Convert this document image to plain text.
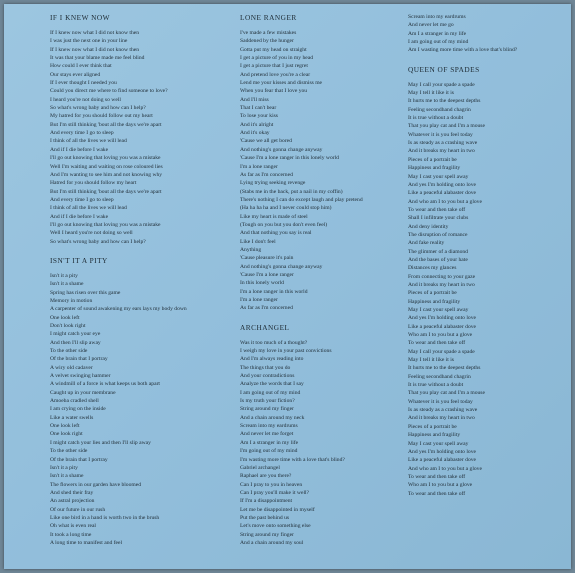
IF I KNEW NOW
If I knew now what I did not know then
I was just the next one in your line
If I knew now what I did not know then
It was that your blame made me feel blind
How could I ever think that
Our stays ever aligned
If I ever thought I needed you
Could you direct me where to find someone to love?
I heard you're not doing so well
So what's wrong baby and how can I help?
My hatred for you should follow out my heart
But I'm still thinking 'bout all the days we're apart
And every time I go to sleep
I think of all the lives we will lead
And if I die before I wake
I'll go out knowing that loving you was a mistake
Well I'm waiting and waiting on rose coloured lies
And I'm wanting to see him and not knowing why
Hatred for you should follow my heart
But I'm still thinking 'bout all the days we're apart
And every time I go to sleep
I think of all the lives we will lead
And if I die before I wake
I'll go out knowing that loving you was a mistake
Well I heard you're not doing so well
So what's wrong baby and how can I help?
ISN'T IT A PITY
Isn't it a pity
Isn't it a shame
Spring has risen over this game
Memory in motion
A carpenter of sound awakening my ears lays my body down
One look left
Don't look right
I might catch your eye
And then I'll slip away
To the other side
Of the brain that I portray
A wiry old cadaver
A velvet swinging hammer
A windmill of a force is what keeps us both apart
Caught up in your membrane
Amoeba cradled shell
I am crying on the inside
Like a water swells
One look left
One look right
I might catch your lies and then I'll slip away
To the other side
Of the brain that I portray
Isn't it a pity
Isn't it a shame
The flowers in our garden have bloomed
And shed their fray
An astral projection
Of our future in our rush
Like one bird in a hand is worth two in the brush
Oh what is even real
It took a long time
A long time to manifest and feel
LONE RANGER
I've made a few mistakes
Saddened by the hunger
Gotta put my head on straight
I get a picture of you in my head
I get a picture that I just regret
And pretend love you're a clear
Lend me your kisses and dismiss me
When you fear that I love you
And I'll miss
That I can't bear
To lose your kiss
And it's alright
And it's okay
'Cause we all get bored
And nothing's gonna change anyway
'Cause I'm a lone ranger in this lonely world
I'm a lone ranger
As far as I'm concerned
Lying trying seeking revenge
(Stabs me in the back, put a nail in my coffin)
There's nothing I can do except laugh and play pretend
(Ha ha ha ha and I never could stop him)
Like my heart is made of steel
(Tough on you but you don't even feel)
And that nothing you say is real
Like I don't feel
Anything
'Cause pleasure it's pain
And nothing's gonna change anyway
'Cause I'm a lone ranger
In this lonely world
I'm a lone ranger in this world
I'm a lone ranger
As far as I'm concerned
ARCHANGEL
Was it too much of a thought?
I weigh my love in your past convictions
And I'm always reading into
The things that you do
And your contradictions
Analyze the words that I say
I am going out of my mind
Is my truth your fiction?
String around my finger
And a chain around my neck
Scream into my eardrums
And never let me forget
Am I a stranger in my life
I'm going out of my mind
I'm wasting more time with a love that's blind?
Gabriel archangel
Raphael are you there?
Can I pray to you in heaven
Can I pray you'll make it well?
If I'm a disappointment
Let me be disappointed in myself
Put the past behind us
Let's move onto something else
String around my finger
And a chain around my soul
Scream into my eardrums
And never let me go
Am I a stranger in my life
I am going out of my mind
Am I wasting more time with a love that's blind?
QUEEN OF SPADES
May I call your spade a spade
May I tell it like it is
It hurts me to the deepest depths
Feeling secondhand chagrin
It is true without a doubt
That you play cat and I'm a mouse
Whatever it is you feel today
Is as steady as a crashing wave
And it breaks my heart in two
Pieces of a portrait be
Happiness and fragility
May I cast your spell away
And yes I'm holding onto love
Like a peaceful alabaster dove
And who am I to you but a glove
To wear and then take off
Shall I infiltrate your clubs
And deny identity
The disruption of romance
And fake reality
The glimmer of a diamond
And the bases of your hate
Distances my glances
From connecting to your gaze
And it breaks my heart in two
Pieces of a portrait be
Happiness and fragility
May I cast your spell away
And yes I'm holding onto love
Like a peaceful alabaster dove
Who am I to you but a glove
To wear and then take off
May I call your spade a spade
May I tell it like it is
It hurts me to the deepest depths
Feeling secondhand chagrin
It is true without a doubt
That you play cat and I'm a mouse
Whatever it is you feel today
Is as steady as a crashing wave
And it breaks my heart in two
Pieces of a portrait be
Happiness and fragility
May I cast your spell away
And yes I'm holding onto love
Like a peaceful alabaster dove
And who am I to you but a glove
To wear and then take off
Who am I to you but a glove
To wear and then take off
